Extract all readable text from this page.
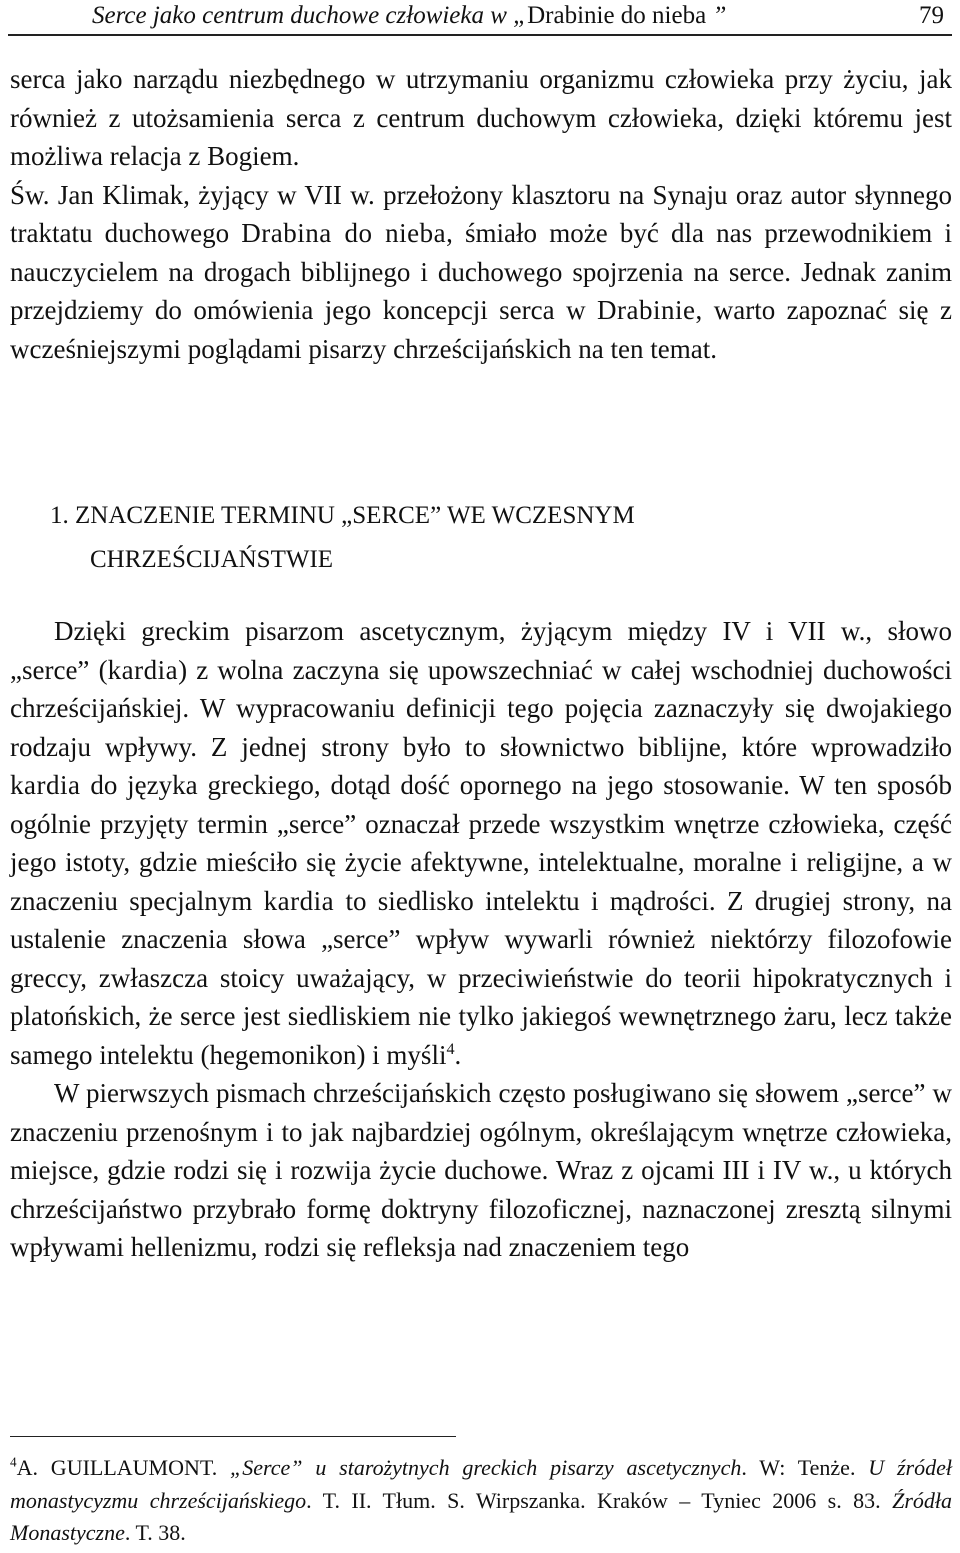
Serce jako centrum duchowe człowieka w „Drabinie do nieba ”	79

serca jako narządu niezbędnego w utrzymaniu organizmu człowieka przy życiu, jak również z utożsamienia serca z centrum duchowym człowieka, dzięki któremu jest możliwa relacja z Bogiem.

Św. Jan Klimak, żyjący w VII w. przełożony klasztoru na Synaju oraz autor słynnego traktatu duchowego Drabina do nieba, śmiało może być dla nas przewodnikiem i nauczycielem na drogach biblijnego i duchowego spojrzenia na serce. Jednak zanim przejdziemy do omówienia jego koncepcji serca w Drabinie, warto zapoznać się z wcześniejszymi poglądami pisarzy chrześcijańskich na ten temat.

1. ZNACZENIE TERMINU „SERCE” WE WCZESNYM
CHRZEŚCIJAŃSTWIE

Dzięki greckim pisarzom ascetycznym, żyjącym między IV i VII w., słowo „serce” (kardia) z wolna zaczyna się upowszechniać w całej wschodniej duchowości chrześcijańskiej. W wypracowaniu definicji tego pojęcia zaznaczyły się dwojakiego rodzaju wpływy. Z jednej strony było to słownictwo biblijne, które wprowadziło kardia do języka greckiego, dotąd dość opornego na jego stosowanie. W ten sposób ogólnie przyjęty termin „serce” oznaczał przede wszystkim wnętrze człowieka, część jego istoty, gdzie mieściło się życie afektywne, intelektualne, moralne i religijne, a w znaczeniu specjalnym kardia to siedlisko intelektu i mądrości. Z drugiej strony, na ustalenie znaczenia słowa „serce” wpływ wywarli również niektórzy filozofowie greccy, zwłaszcza stoicy uważający, w przeciwieństwie do teorii hipokratycznych i platońskich, że serce jest siedliskiem nie tylko jakiegoś wewnętrznego żaru, lecz także samego intelektu (hegemonikon) i myśli$^4$.

W pierwszych pismach chrześcijańskich często posługiwano się słowem „serce” w znaczeniu przenośnym i to jak najbardziej ogólnym, określającym wnętrze człowieka, miejsce, gdzie rodzi się i rozwija życie duchowe. Wraz z ojcami III i IV w., u których chrześcijaństwo przybrało formę doktryny filozoficznej, naznaczonej zresztą silnymi wpływami hellenizmu, rodzi się refleksja nad znaczeniem tego

$^4$A. GUILLAUMONT. „Serce” u starożytnych greckich pisarzy ascetycznych. W: Tenże. U źródeł monastycyzmu chrześcijańskiego. T. II. Tłum. S. Wirpszanka. Kraków – Tyniec 2006 s. 83. Źródła Monastyczne. T. 38.
